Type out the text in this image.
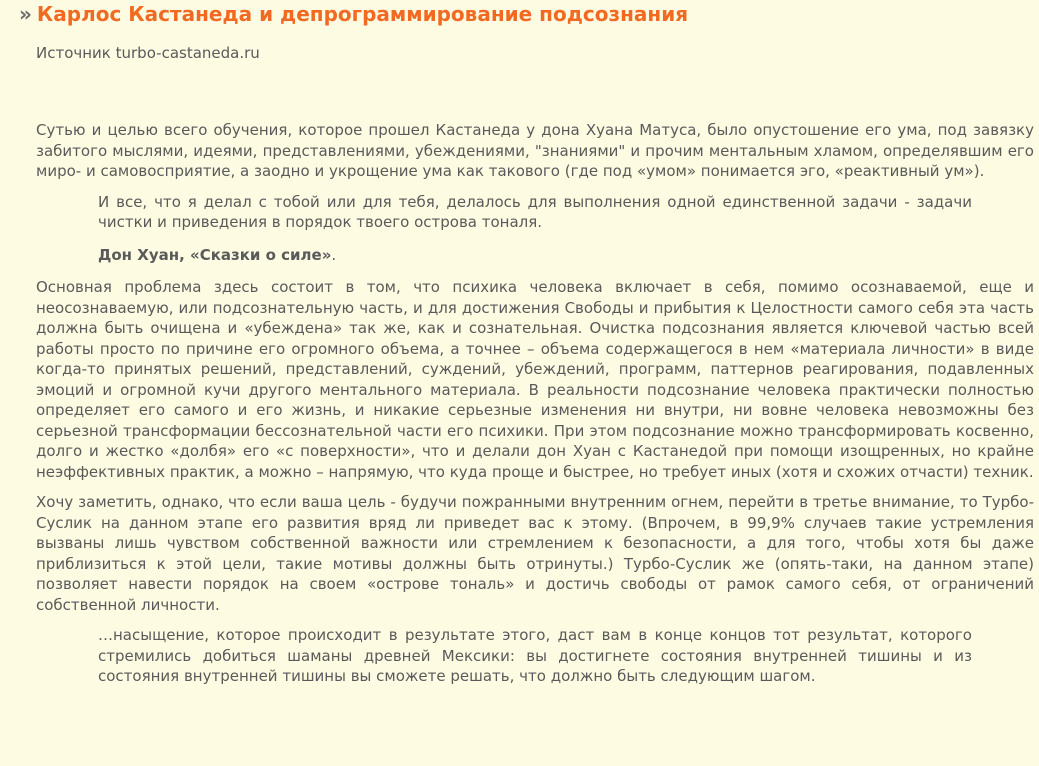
» Карлос Кастанеда и депрограммирование подсознания

Источник turbo-castaneda.ru

Сутью и целью всего обучения, которое прошел Кастанеда у дона Хуана Матуса, было опустошение его ума, под завязку забитого мыслями, идеями, представлениями, убеждениями, "знаниями" и прочим ментальным хламом, определявшим его миро- и самовосприятие, а заодно и укрощение ума как такового (где под «умом» понимается эго, «реактивный ум»).

И все, что я делал с тобой или для тебя, делалось для выполнения одной единственной задачи - задачи чистки и приведения в порядок твоего острова тоналя.

Дон Хуан, «Сказки о силе».

Основная проблема здесь состоит в том, что психика человека включает в себя, помимо осознаваемой, еще и неосознаваемую, или подсознательную часть, и для достижения Свободы и прибытия к Целостности самого себя эта часть должна быть очищена и «убеждена» так же, как и сознательная. Очистка подсознания является ключевой частью всей работы просто по причине его огромного объема, а точнее – объема содержащегося в нем «материала личности» в виде когда-то принятых решений, представлений, суждений, убеждений, программ, паттернов реагирования, подавленных эмоций и огромной кучи другого ментального материала. В реальности подсознание человека практически полностью определяет его самого и его жизнь, и никакие серьезные изменения ни внутри, ни вовне человека невозможны без серьезной трансформации бессознательной части его психики. При этом подсознание можно трансформировать косвенно, долго и жестко «долбя» его «с поверхности», что и делали дон Хуан с Кастанедой при помощи изощренных, но крайне неэффективных практик, а можно – напрямую, что куда проще и быстрее, но требует иных (хотя и схожих отчасти) техник.

Хочу заметить, однако, что если ваша цель - будучи пожранными внутренним огнем, перейти в третье внимание, то Турбо-Суслик на данном этапе его развития вряд ли приведет вас к этому. (Впрочем, в 99,9% случаев такие устремления вызваны лишь чувством собственной важности или стремлением к безопасности, а для того, чтобы хотя бы даже приблизиться к этой цели, такие мотивы должны быть отринуты.) Турбо-Суслик же (опять-таки, на данном этапе) позволяет навести порядок на своем «острове тональ» и достичь свободы от рамок самого себя, от ограничений собственной личности.

…насыщение, которое происходит в результате этого, даст вам в конце концов тот результат, которого стремились добиться шаманы древней Мексики: вы достигнете состояния внутренней тишины и из состояния внутренней тишины вы сможете решать, что должно быть следующим шагом.
